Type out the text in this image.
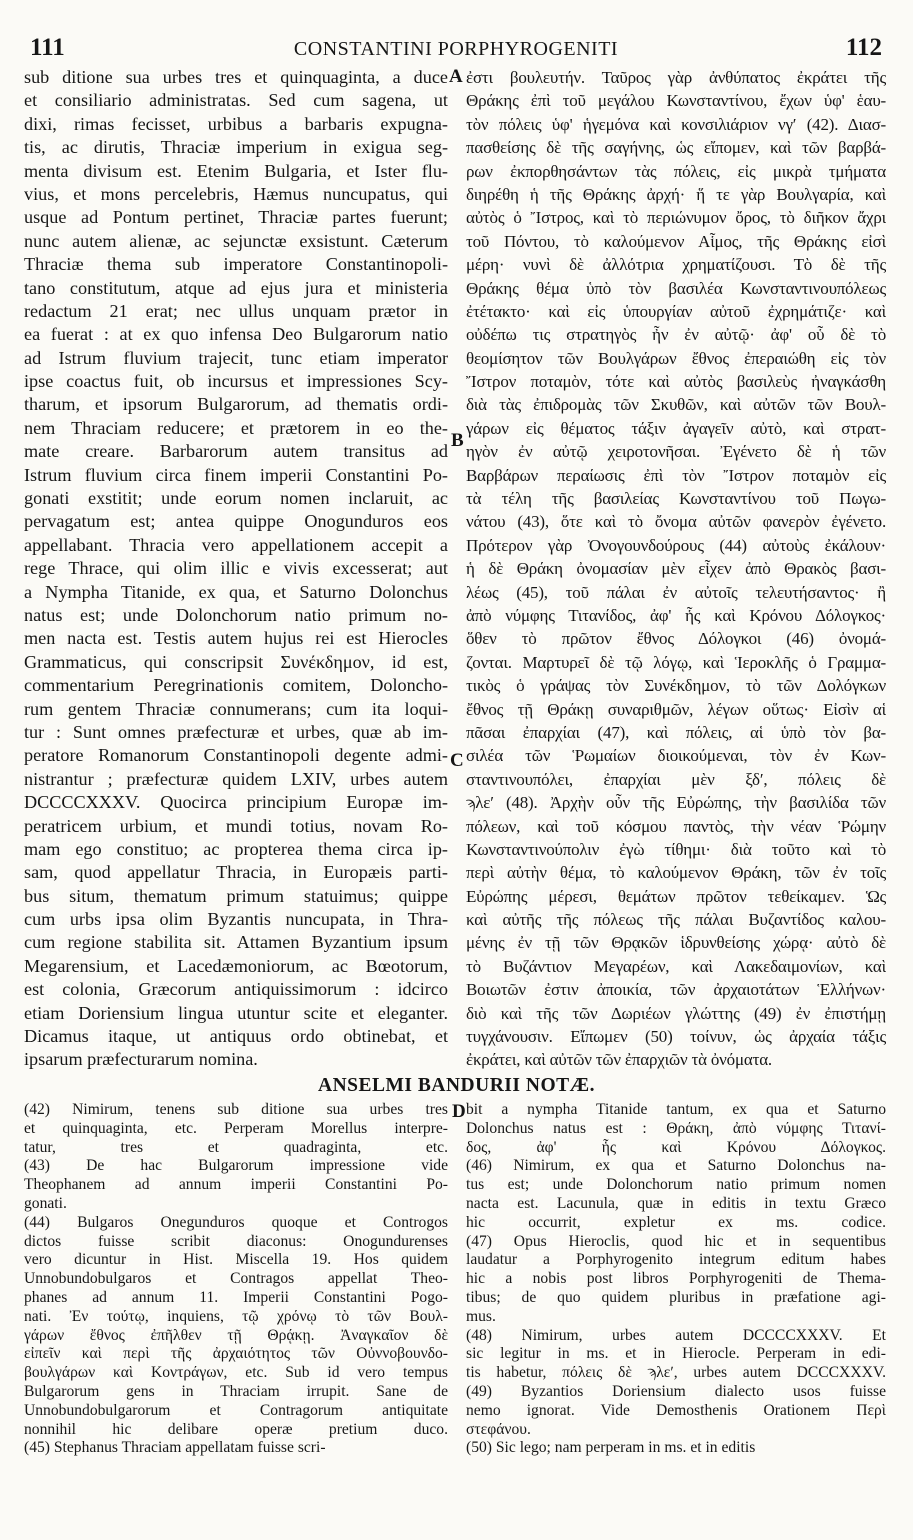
111	CONSTANTINI PORPHYROGENITI	112
sub ditione sua urbes tres et quinquaginta, a duce
et consiliario administratas. Sed cum sagena, ut
dixi, rimas fecisset, urbibus a barbaris expugna-
tis, ac dirutis, Thraciæ imperium in exigua seg-
menta divisum est. Etenim Bulgaria, et Ister flu-
vius, et mons percelebris, Hæmus nuncupatus, qui
usque ad Pontum pertinet, Thraciæ partes fuerunt;
nunc autem alienæ, ac sejunctæ exsistunt. Cæterum
Thraciæ thema sub imperatore Constantinopoli-
tano constitutum, atque ad ejus jura et ministeria
redactum 21 erat; nec ullus unquam prætor in
ea fuerat : at ex quo infensa Deo Bulgarorum natio
ad Istrum fluvium trajecit, tunc etiam imperator
ipse coactus fuit, ob incursus et impressiones Scy-
tharum, et ipsorum Bulgarorum, ad thematis ordi-
nem Thraciam reducere; et prætorem in eo the-
mate creare. Barbarorum autem transitus ad
Istrum fluvium circa finem imperii Constantini Po-
gonati exstitit; unde eorum nomen inclaruit, ac
pervagatum est; antea quippe Onogunduros eos
appellabant. Thracia vero appellationem accepit a
rege Thrace, qui olim illic e vivis excesserat; aut
a Nympha Titanide, ex qua, et Saturno Dolonchus
natus est; unde Dolonchorum natio primum no-
men nacta est. Testis autem hujus rei est Hierocles
Grammaticus, qui conscripsit Συνέκδημον, id est,
commentarium Peregrinationis comitem, Doloncho-
rum gentem Thraciæ connumerans; cum ita loqui-
tur : Sunt omnes præfecturæ et urbes, quæ ab im-
peratore Romanorum Constantinopoli degente admi-
nistrantur ; præfecturæ quidem LXIV, urbes autem
DCCCCXXXV. Quocirca principium Europæ im-
peratricem urbium, et mundi totius, novam Ro-
mam ego constituo; ac propterea thema circa ip-
sam, quod appellatur Thracia, in Europæis parti-
bus situm, thematum primum statuimus; quippe
cum urbs ipsa olim Byzantis nuncupata, in Thra-
cum regione stabilita sit. Attamen Byzantium ipsum
Megarensium, et Lacedæmoniorum, ac Bœotorum,
est colonia, Græcorum antiquissimorum : idcirco
etiam Doriensium lingua utuntur scite et eleganter.
Dicamus itaque, ut antiquus ordo obtinebat, et
ipsarum præfecturarum nomina.
ἐστι βουλευτήν. Ταῦρος γὰρ ἀνθύπατος ἐκράτει τῆς
Θράκης ἐπὶ τοῦ μεγάλου Κωνσταντίνου, ἔχων ὑφ' ἑαυ-
τὸν πόλεις ὑφ' ἡγεμόνα καὶ κονσιλιάριον νγʹ (42). Διασ-
πασθείσης δὲ τῆς σαγήνης, ὡς εἴπομεν, καὶ τῶν βαρβά-
ρων ἐκπορθησάντων τὰς πόλεις, εἰς μικρὰ τμήματα
διηρέθη ἡ τῆς Θράκης ἀρχή· ἥ τε γὰρ Βουλγαρία, καὶ
αὐτὸς ὁ Ἴστρος, καὶ τὸ περιώνυμον ὄρος, τὸ διῆκον ἄχρι
τοῦ Πόντου, τὸ καλούμενον Αἷμος, τῆς Θράκης εἰσὶ
μέρη· νυνὶ δὲ ἀλλότρια χρηματίζουσι. Τὸ δὲ τῆς
Θράκης θέμα ὑπὸ τὸν βασιλέα Κωνσταντινουπόλεως
ἐτέτακτο· καὶ εἰς ὑπουργίαν αὐτοῦ ἐχρημάτιζε· καὶ
οὐδέπω τις στρατηγὸς ἦν ἐν αὐτῷ· ἀφ' οὗ δὲ τὸ
θεομίσητον τῶν Βουλγάρων ἔθνος ἐπεραιώθη εἰς τὸν
Ἴστρον ποταμὸν, τότε καὶ αὐτὸς βασιλεὺς ἠναγκάσθη
διὰ τὰς ἐπιδρομὰς τῶν Σκυθῶν, καὶ αὐτῶν τῶν Βουλ-
γάρων εἰς θέματος τάξιν ἀγαγεῖν αὐτὸ, καὶ στρατ-
ηγὸν ἐν αὐτῷ χειροτονῆσαι. Ἐγένετο δὲ ἡ τῶν
Βαρβάρων περαίωσις ἐπὶ τὸν Ἴστρον ποταμὸν εἰς
τὰ τέλη τῆς βασιλείας Κωνσταντίνου τοῦ Πωγω-
νάτου (43), ὅτε καὶ τὸ ὄνομα αὐτῶν φανερὸν ἐγένετο.
Πρότερον γὰρ Ὀνογουνδούρους (44) αὐτοὺς ἐκάλουν·
ἡ δὲ Θράκη ὀνομασίαν μὲν εἶχεν ἀπὸ Θρακὸς βασι-
λέως (45), τοῦ πάλαι ἐν αὐτοῖς τελευτήσαντος· ἢ
ἀπὸ νύμφης Τιτανίδος, ἀφ' ἧς καὶ Κρόνου Δόλογκος·
ὅθεν τὸ πρῶτον ἔθνος Δόλογκοι (46) ὀνομά-
ζονται. Μαρτυρεῖ δὲ τῷ λόγῳ, καὶ Ἱεροκλῆς ὁ Γραμμα-
τικὸς ὁ γράψας τὸν Συνέκδημον, τὸ τῶν Δολόγκων
ἔθνος τῇ Θράκῃ συναριθμῶν, λέγων οὕτως· Εἰσὶν αἱ
πᾶσαι ἐπαρχίαι (47), καὶ πόλεις, αἱ ὑπὸ τὸν βα-
σιλέα τῶν Ῥωμαίων διοικούμεναι, τὸν ἐν Κων-
σταντινουπόλει, ἐπαρχίαι μὲν ξδʹ, πόλεις δὲ
ϡλεʹ (48). Ἀρχὴν οὖν τῆς Εὐρώπης, τὴν βασιλίδα τῶν
πόλεων, καὶ τοῦ κόσμου παντὸς, τὴν νέαν Ῥώμην
Κωνσταντινούπολιν ἐγὼ τίθημι· διὰ τοῦτο καὶ τὸ
περὶ αὐτὴν θέμα, τὸ καλούμενον Θράκη, τῶν ἐν τοῖς
Εὐρώπης μέρεσι, θεμάτων πρῶτον τεθείκαμεν. Ὡς
καὶ αὐτῆς τῆς πόλεως τῆς πάλαι Βυζαντίδος καλου-
μένης ἐν τῇ τῶν Θρᾳκῶν ἱδρυνθείσης χώρᾳ· αὐτὸ δὲ
τὸ Βυζάντιον Μεγαρέων, καὶ Λακεδαιμονίων, καὶ
Βοιωτῶν ἐστιν ἀποικία, τῶν ἀρχαιοτάτων Ἑλλήνων·
διὸ καὶ τῆς τῶν Δωριέων γλώττης (49) ἐν ἐπιστήμῃ
τυγχάνουσιν. Εἴπωμεν (50) τοίνυν, ὡς ἀρχαία τάξις
ἐκράτει, καὶ αὐτῶν τῶν ἐπαρχιῶν τὰ ὀνόματα.
A
B
C
D
ANSELMI BANDURII NOTÆ.
(42) Nimirum, tenens sub ditione sua urbes tres
et quinquaginta, etc. Perperam Morellus interpre-
tatur, tres et quadraginta, etc.
(43) De hac Bulgarorum impressione vide
Theophanem ad annum imperii Constantini Po-
gonati.
(44) Bulgaros Onegunduros quoque et Controgos
dictos fuisse scribit diaconus: Onogundurenses
vero dicuntur in Hist. Miscella 19. Hos quidem
Unnobundobulgaros et Contragos appellat Theo-
phanes ad annum 11. Imperii Constantini Pogo-
nati. Ἐν τούτῳ, inquiens, τῷ χρόνῳ τὸ τῶν Βουλ-
γάρων ἔθνος ἐπῆλθεν τῇ Θρᾴκῃ. Ἀναγκαῖον δὲ
εἰπεῖν καὶ περὶ τῆς ἀρχαιότητος τῶν Οὐννοβουνδο-
βουλγάρων καὶ Κοντράγων, etc. Sub id vero tempus
Bulgarorum gens in Thraciam irrupit. Sane de
Unnobundobulgarorum et Contragorum antiquitate
nonnihil hic delibare operæ pretium duco.
(45) Stephanus Thraciam appellatam fuisse scri-
bit a nympha Titanide tantum, ex qua et Saturno
Dolonchus natus est : Θράκη, ἀπὸ νύμφης Τιτανί-
δος, ἀφ' ἧς καὶ Κρόνου Δόλογκος.
(46) Nimirum, ex qua et Saturno Dolonchus na-
tus est; unde Dolonchorum natio primum nomen
nacta est. Lacunula, quæ in editis in textu Græco
hic occurrit, expletur ex ms. codice.
(47) Opus Hieroclis, quod hic et in sequentibus
laudatur a Porphyrogenito integrum editum habes
hic a nobis post libros Porphyrogeniti de Thema-
tibus; de quo quidem pluribus in præfatione agi-
mus.
(48) Nimirum, urbes autem DCCCCXXXV. Et
sic legitur in ms. et in Hierocle. Perperam in edi-
tis habetur, πόλεις δὲ ϡλεʹ, urbes autem DCCCXXXV.
(49) Byzantios Doriensium dialecto usos fuisse
nemo ignorat. Vide Demosthenis Orationem Περὶ
στεφάνου.
(50) Sic lego; nam perperam in ms. et in editis
